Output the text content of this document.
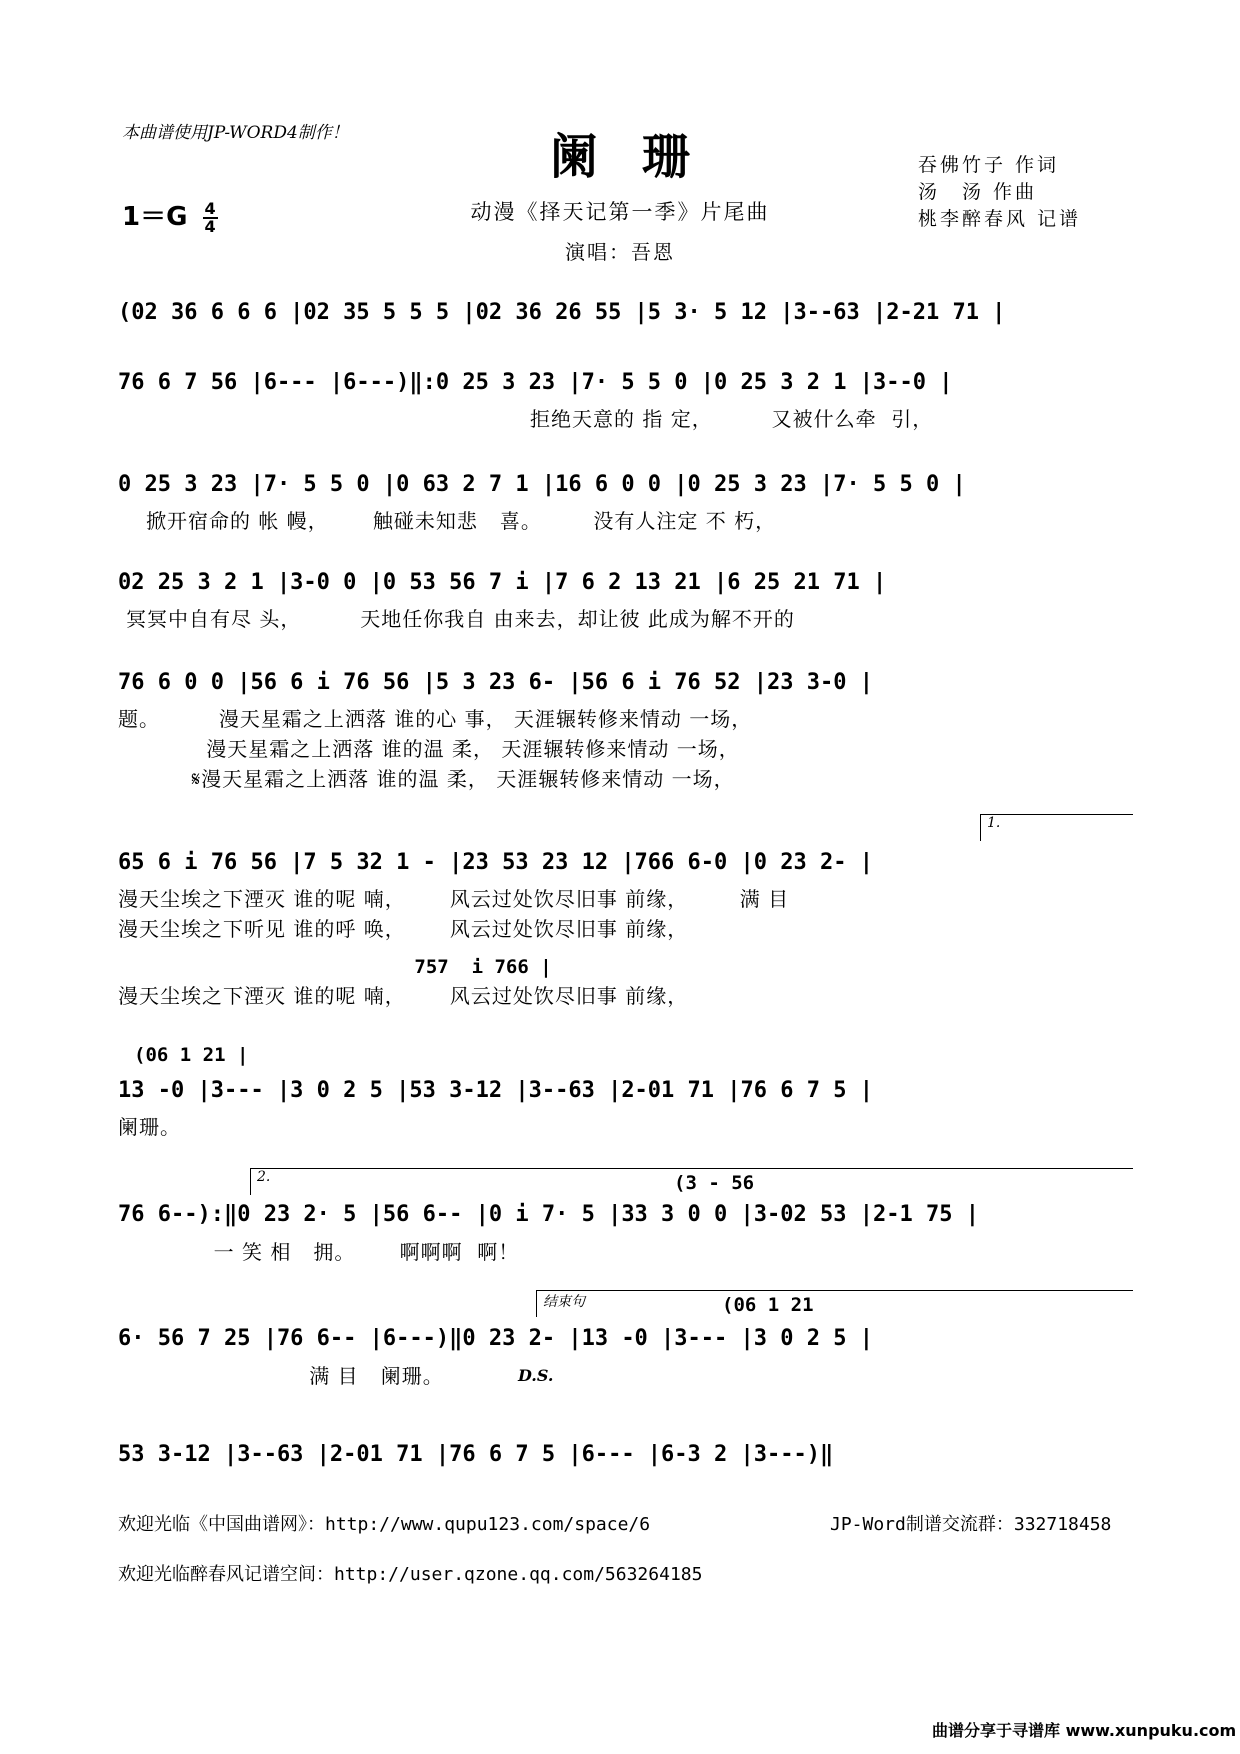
本曲谱使用JP-WORD4制作！	阑珊	吞佛竹子 作词
汤　汤 作曲
桃李醉春风 记谱
$1=G \frac{4}{4}$	动漫《择天记第一季》片尾曲
演唱：吾恩
(02 36 6 6 6 |02 35 5 5 5 |02 36 26 55 |5 3· 5 12 |3--63 |2-21 71 |
76 6 7 56 |6--- |6---)‖:0 25 3 23 |7· 5 5 0 |0 25 3 2 1 |3--0 |
拒绝天意的 指 定，        又被什么牵  引，
0 25 3 23 |7· 5 5 0 |0 63 2 7 1 |16 6 0 0 |0 25 3 23 |7· 5 5 0 |
掀开宿命的 帐 幔，      触碰未知悲   喜。       没有人注定 不 朽，
02 25 3 2 1 |3-0 0 |0 53 56 7 i |7 6 2 13 21 |6 25 21 71 |
冥冥中自有尽 头，        天地任你我自 由来去，却让彼 此成为解不开的
76 6 0 0 |56 6 i 76 56 |5 3 23 6- |56 6 i 76 52 |23 3-0 |
题。        漫天星霜之上洒落 谁的心 事， 天涯辗转修来情动 一场，
漫天星霜之上洒落 谁的温 柔， 天涯辗转修来情动 一场，
𝄋漫天星霜之上洒落 谁的温 柔， 天涯辗转修来情动 一场，
1.
65 6 i 76 56 |7 5 32 1 - |23 53 23 12 |766 6-0 |0 23 2- |
漫天尘埃之下湮灭 谁的呢 喃，      风云过处饮尽旧事 前缘，       满 目
漫天尘埃之下听见 谁的呼 唤，      风云过处饮尽旧事 前缘，
757  i 766 |
漫天尘埃之下湮灭 谁的呢 喃，      风云过处饮尽旧事 前缘，
(06 1 21 |
13 -0 |3--- |3 0 2 5 |53 3-12 |3--63 |2-01 71 |76 6 7 5 |
阑珊。
2.	(3 - 56
76 6--):‖0 23 2· 5 |56 6-- |0 i 7· 5 |33 3 0 0 |3-02 53 |2-1 75 |
一 笑 相   拥。      啊啊啊  啊！
结束句	(06 1 21
6· 56 7 25 |76 6-- |6---)‖0 23 2- |13 -0 |3--- |3 0 2 5 |
D.S.
满 目   阑珊。
53 3-12 |3--63 |2-01 71 |76 6 7 5 |6--- |6-3 2 |3---)‖
欢迎光临《中国曲谱网》：http://www.qupu123.com/space/6	JP-Word制谱交流群：332718458
欢迎光临醉春风记谱空间：http://user.qzone.qq.com/563264185
曲谱分享于寻谱库 www.xunpuku.com
